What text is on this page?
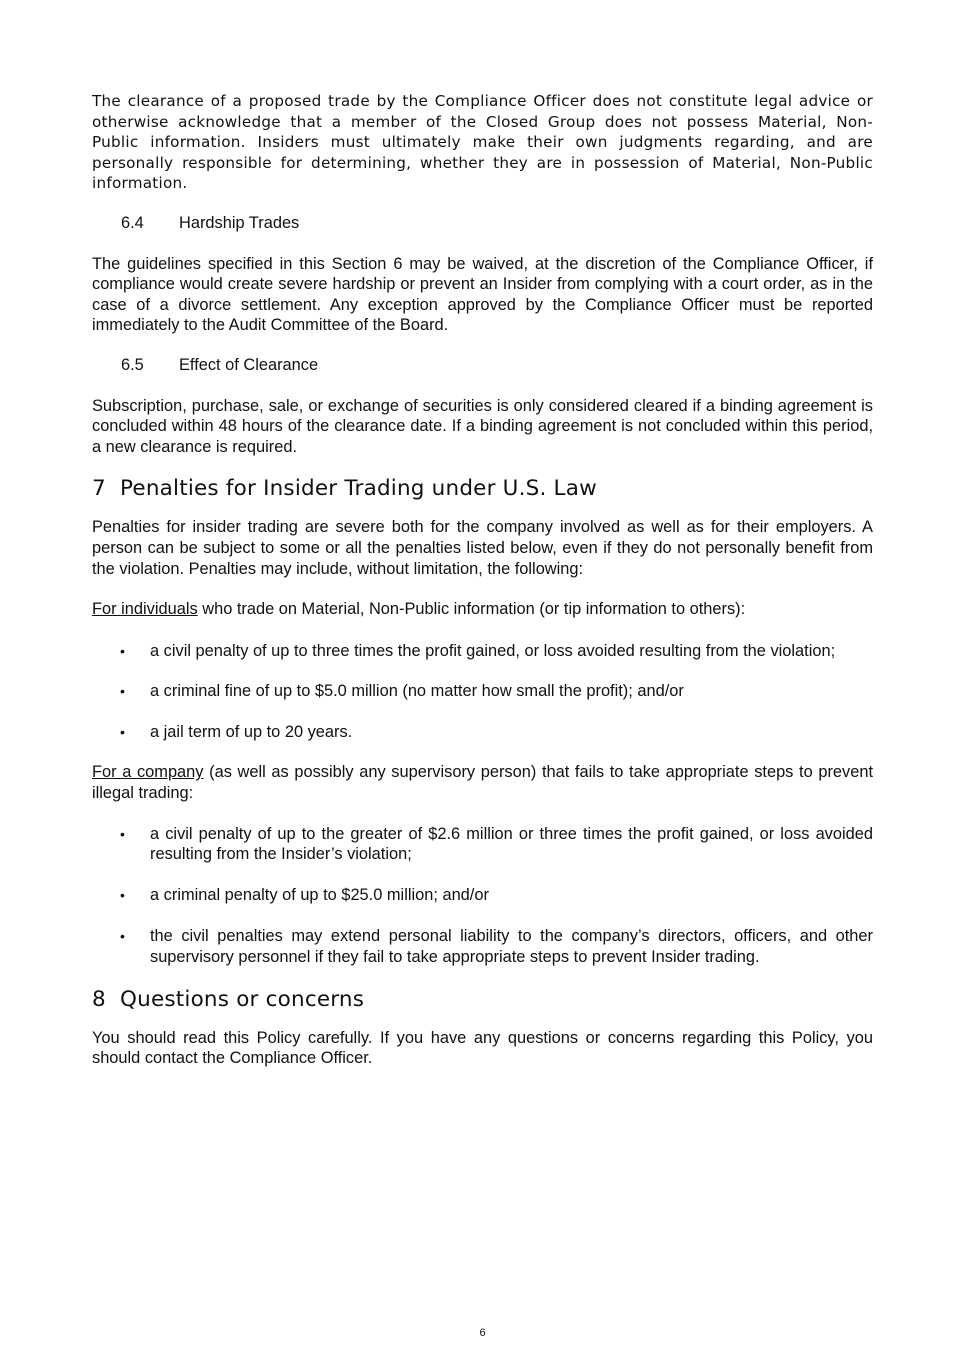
The clearance of a proposed trade by the Compliance Officer does not constitute legal advice or otherwise acknowledge that a member of the Closed Group does not possess Material, Non-Public information. Insiders must ultimately make their own judgments regarding, and are personally responsible for determining, whether they are in possession of Material, Non-Public information.

6.4 Hardship Trades

The guidelines specified in this Section 6 may be waived, at the discretion of the Compliance Officer, if compliance would create severe hardship or prevent an Insider from complying with a court order, as in the case of a divorce settlement. Any exception approved by the Compliance Officer must be reported immediately to the Audit Committee of the Board.

6.5 Effect of Clearance

Subscription, purchase, sale, or exchange of securities is only considered cleared if a binding agreement is concluded within 48 hours of the clearance date. If a binding agreement is not concluded within this period, a new clearance is required.

7 Penalties for Insider Trading under U.S. Law

Penalties for insider trading are severe both for the company involved as well as for their employers. A person can be subject to some or all the penalties listed below, even if they do not personally benefit from the violation. Penalties may include, without limitation, the following:

For individuals who trade on Material, Non-Public information (or tip information to others):

• a civil penalty of up to three times the profit gained, or loss avoided resulting from the violation;
• a criminal fine of up to $5.0 million (no matter how small the profit); and/or
• a jail term of up to 20 years.

For a company (as well as possibly any supervisory person) that fails to take appropriate steps to prevent illegal trading:

• a civil penalty of up to the greater of $2.6 million or three times the profit gained, or loss avoided resulting from the Insider’s violation;
• a criminal penalty of up to $25.0 million; and/or
• the civil penalties may extend personal liability to the company’s directors, officers, and other supervisory personnel if they fail to take appropriate steps to prevent Insider trading.
8 Questions or concerns

You should read this Policy carefully. If you have any questions or concerns regarding this Policy, you should contact the Compliance Officer.

6
